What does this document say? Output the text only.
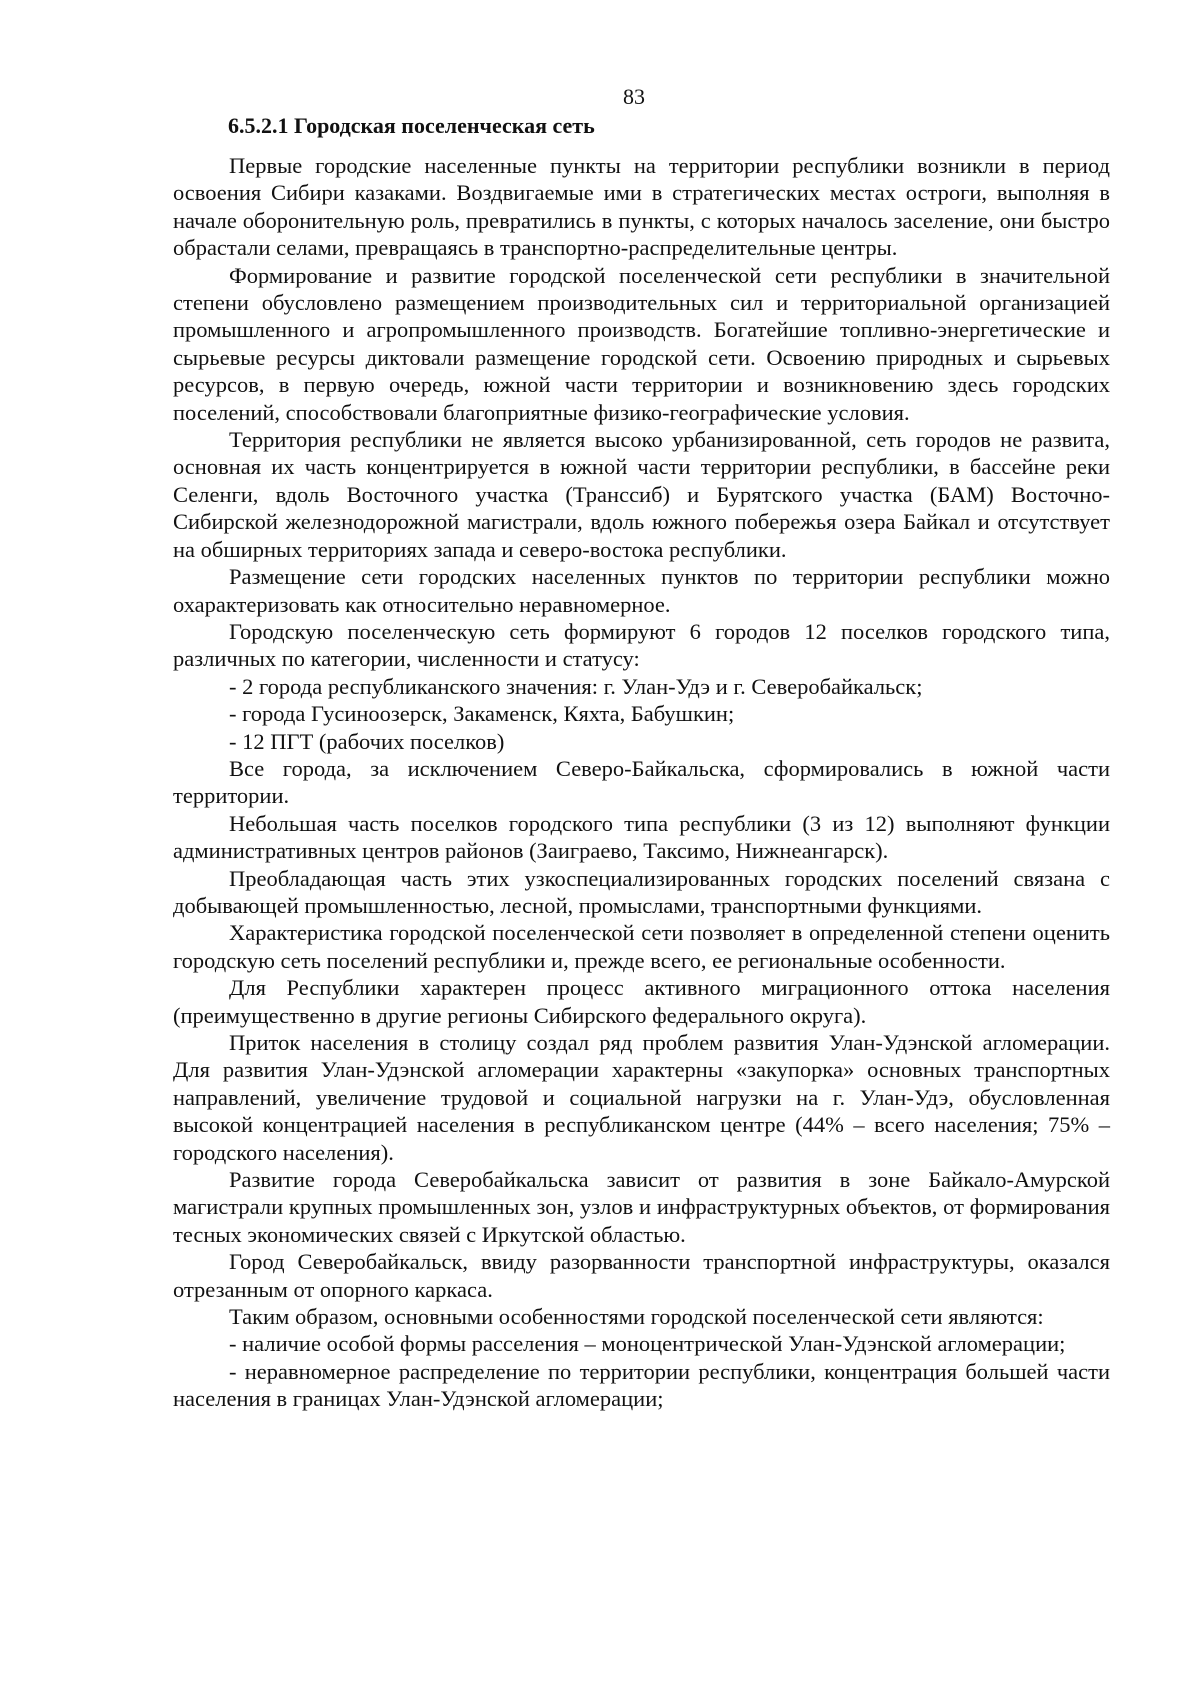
83
6.5.2.1 Городская поселенческая сеть

Первые городские населенные пункты на территории республики возникли в период освоения Сибири казаками. Воздвигаемые ими в стратегических местах остроги, выполняя в начале оборонительную роль, превратились в пункты, с которых началось заселение, они быстро обрастали селами, превращаясь в транспортно-распределительные центры.

Формирование и развитие городской поселенческой сети республики в значительной степени обусловлено размещением производительных сил и территориальной организацией промышленного и агропромышленного производств. Богатейшие топливно-энергетические и сырьевые ресурсы диктовали размещение городской сети. Освоению природных и сырьевых ресурсов, в первую очередь, южной части территории и возникновению здесь городских поселений, способствовали благоприятные физико-географические условия.

Территория республики не является высоко урбанизированной, сеть городов не развита, основная их часть концентрируется в южной части территории республики, в бассейне реки Селенги, вдоль Восточного участка (Транссиб) и Бурятского участка (БАМ) Восточно-Сибирской железнодорожной магистрали, вдоль южного побережья озера Байкал и отсутствует на обширных территориях запада и северо-востока республики.

Размещение сети городских населенных пунктов по территории республики можно охарактеризовать как относительно неравномерное.

Городскую поселенческую сеть формируют 6 городов 12 поселков городского типа, различных по категории, численности и статусу:

- 2 города республиканского значения: г. Улан-Удэ и г. Северобайкальск;

- города Гусиноозерск, Закаменск, Кяхта, Бабушкин;

- 12 ПГТ (рабочих поселков)

Все города, за исключением Северо-Байкальска, сформировались в южной части территории.

Небольшая часть поселков городского типа республики (3 из 12) выполняют функции административных центров районов (Заиграево, Таксимо, Нижнеангарск).

Преобладающая часть этих узкоспециализированных городских поселений связана с добывающей промышленностью, лесной, промыслами, транспортными функциями.

Характеристика городской поселенческой сети позволяет в определенной степени оценить городскую сеть поселений республики и, прежде всего, ее региональные особенности.

Для Республики характерен процесс активного миграционного оттока населения (преимущественно в другие регионы Сибирского федерального округа).

Приток населения в столицу создал ряд проблем развития Улан-Удэнской агломерации. Для развития Улан-Удэнской агломерации характерны «закупорка» основных транспортных направлений, увеличение трудовой и социальной нагрузки на г. Улан-Удэ, обусловленная высокой концентрацией населения в республиканском центре (44% – всего населения; 75% – городского населения).

Развитие города Северобайкальска зависит от развития в зоне Байкало-Амурской магистрали крупных промышленных зон, узлов и инфраструктурных объектов, от формирования тесных экономических связей с Иркутской областью.

Город Северобайкальск, ввиду разорванности транспортной инфраструктуры, оказался отрезанным от опорного каркаса.

Таким образом, основными особенностями городской поселенческой сети являются:

- наличие особой формы расселения – моноцентрической Улан-Удэнской агломерации;

- неравномерное распределение по территории республики, концентрация большей части населения в границах Улан-Удэнской агломерации;
